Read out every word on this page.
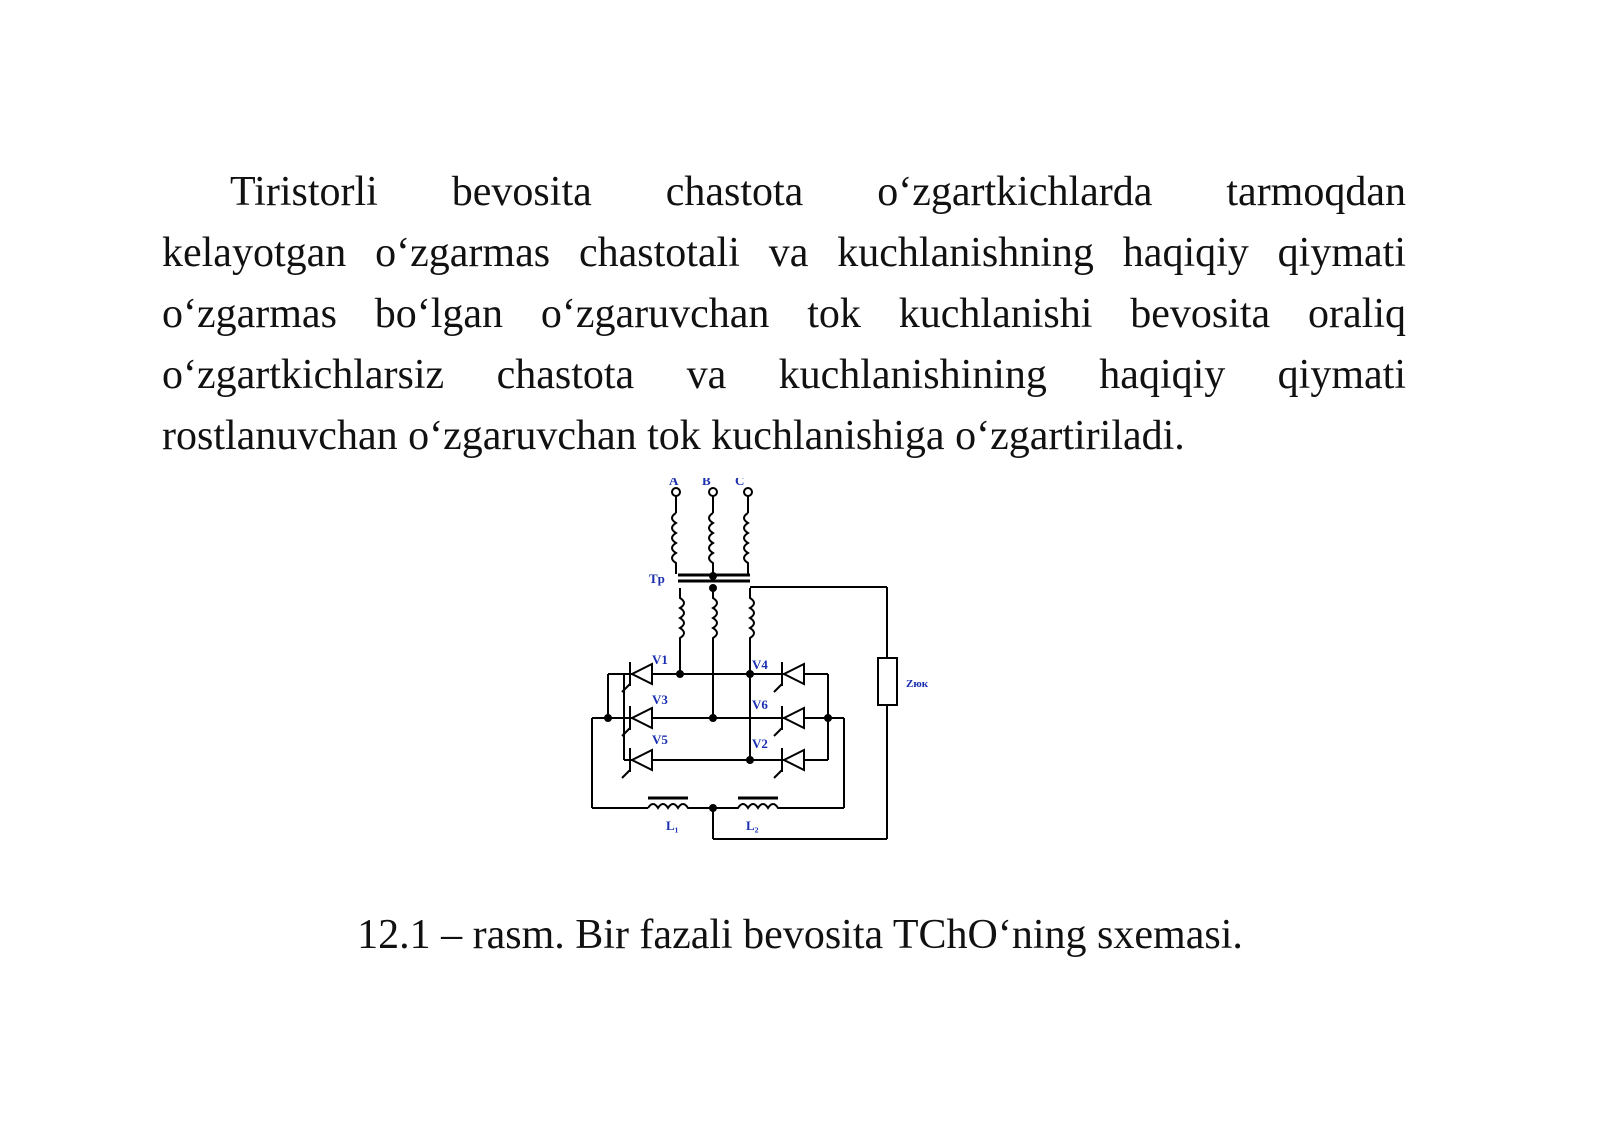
Tiristorli bevosita chastota o‘zgartkichlarda tarmoqdan
kelayotgan o‘zgarmas chastotali va kuchlanishning haqiqiy qiymati
o‘zgarmas bo‘lgan o‘zgaruvchan tok kuchlanishi bevosita oraliq
o‘zgartkichlarsiz chastota va kuchlanishining haqiqiy qiymati
rostlanuvchan o‘zgaruvchan tok kuchlanishiga o‘zgartiriladi.
A B C
Tp
V1
V3
V5
V4
V6
V2
Zюк
L₁	L₂
12.1 – rasm. Bir fazali bevosita TChO‘ning sxemasi.
